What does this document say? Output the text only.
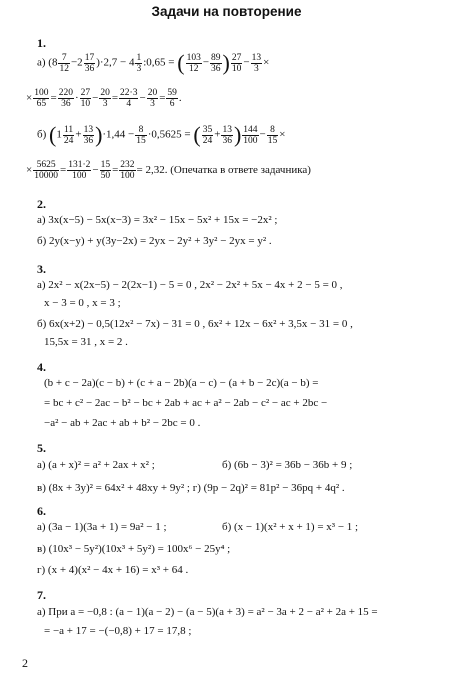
Задачи на повторение
1.
а) $(8 \frac{7}{12} -2 \frac{17}{36} )\cdot 2,7 - 4 \frac{1}{3}$ :0,65 = ( $\frac{103}{12} - \frac{89}{36}$ ) $\frac{27}{10} - \frac{13}{3}$ ×
× $\frac{100}{65} = \frac{220}{36} \cdot \frac{27}{10} - \frac{20}{3} = \frac{22\cdot 3}{4} - \frac{20}{3} = \frac{59}{6}$ .
б) $(1 \frac{11}{24} + \frac{13}{36} )\cdot 1,44 - \frac{8}{15} \cdot 0,5625$ = ( $\frac{35}{24} + \frac{13}{36}$ ) $\frac{144}{100} - \frac{8}{15}$ ×
× $\frac{5625}{10000} = \frac{131\cdot 2}{100} - \frac{15}{50} = \frac{232}{100} = 2,32$. (Опечатка в ответе задачника)
2.
а) 3x(x−5) − 5x(x−3) = 3x² − 15x − 5x² + 15x = −2x² ;
б) 2y(x−y) + y(3y−2x) = 2yx − 2y² + 3y² − 2yx = y² .
3.
а) 2x² − x(2x−5) − 2(2x−1) − 5 = 0 , 2x² − 2x² + 5x − 4x + 2 − 5 = 0 ,
x − 3 = 0 , x = 3 ;
б) 6x(x+2) − 0,5(12x² − 7x) − 31 = 0 , 6x² + 12x − 6x² + 3,5x − 31 = 0 ,
15,5x = 31 , x = 2 .
4.
(b + c − 2a)(c − b) + (c + a − 2b)(a − c) − (a + b − 2c)(a − b) =
= bc + c² − 2ac − b² − bc + 2ab + ac + a² − 2ab − c² − ac + 2bc −
−a² − ab + 2ac + ab + b² − 2bc = 0 .
5.
а) (a + x)² = a² + 2ax + x² ;	б) (6b − 3)² = 36b − 36b + 9 ;
в) (8x + 3y)² = 64x² + 48xy + 9y² ; г) (9p − 2q)² = 81p² − 36pq + 4q² .
6.
а) (3a − 1)(3a + 1) = 9a² − 1 ;	б) (x − 1)(x² + x + 1) = x³ − 1 ;
в) (10x³ − 5y²)(10x³ + 5y²) = 100x⁶ − 25y⁴ ;
г) (x + 4)(x² − 4x + 16) = x³ + 64 .
7.
а) При a = −0,8 : (a − 1)(a − 2) − (a − 5)(a + 3) = a² − 3a + 2 − a² + 2a + 15 =
= −a + 17 = −(−0,8) + 17 = 17,8 ;
2
